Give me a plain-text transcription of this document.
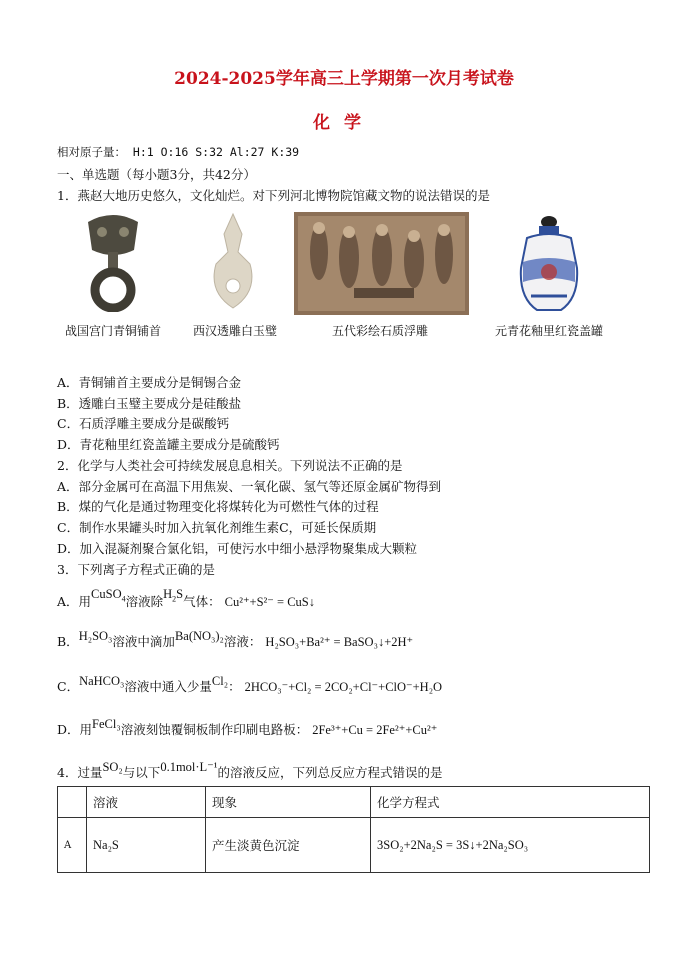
2024-2025学年高三上学期第一次月考试卷
化学
相对原子量： H:1 O:16 S:32 Al:27 K:39
一、单选题（每小题3分，共42分）
1．燕赵大地历史悠久，文化灿烂。对下列河北博物院馆藏文物的说法错误的是
战国宫门青铜铺首	西汉透雕白玉璧	五代彩绘石质浮雕	元青花釉里红瓷盖罐
A．青铜铺首主要成分是铜锡合金
B．透雕白玉璧主要成分是硅酸盐
C．石质浮雕主要成分是碳酸钙
D．青花釉里红瓷盖罐主要成分是硫酸钙
2．化学与人类社会可持续发展息息相关。下列说法不正确的是
A．部分金属可在高温下用焦炭、一氧化碳、氢气等还原金属矿物得到
B．煤的气化是通过物理变化将煤转化为可燃性气体的过程
C．制作水果罐头时加入抗氧化剂维生素C，可延长保质期
D．加入混凝剂聚合氯化铝，可使污水中细小悬浮物聚集成大颗粒
3．下列离子方程式正确的是
A．用CuSO$_4$溶液除$H_2S$气体： Cu²⁺+S²⁻ = CuS↓
B．H₂SO₃溶液中滴加Ba(NO₃)₂溶液： H₂SO₃+Ba²⁺ = BaSO₃↓+2H⁺
C．NaHCO₃溶液中通入少量Cl₂： 2HCO₃⁻+Cl₂ = 2CO₂+Cl⁻+ClO⁻+H₂O
D．用FeCl₃溶液刻蚀覆铜板制作印刷电路板： 2Fe³⁺+Cu = 2Fe²⁺+Cu²⁺
4．过量SO₂与以下0.1mol·L⁻¹的溶液反应，下列总反应方程式错误的是
	溶液	现象	化学方程式
A	Na₂S	产生淡黄色沉淀	3SO₂+2Na₂S = 3S↓+2Na₂SO₃
